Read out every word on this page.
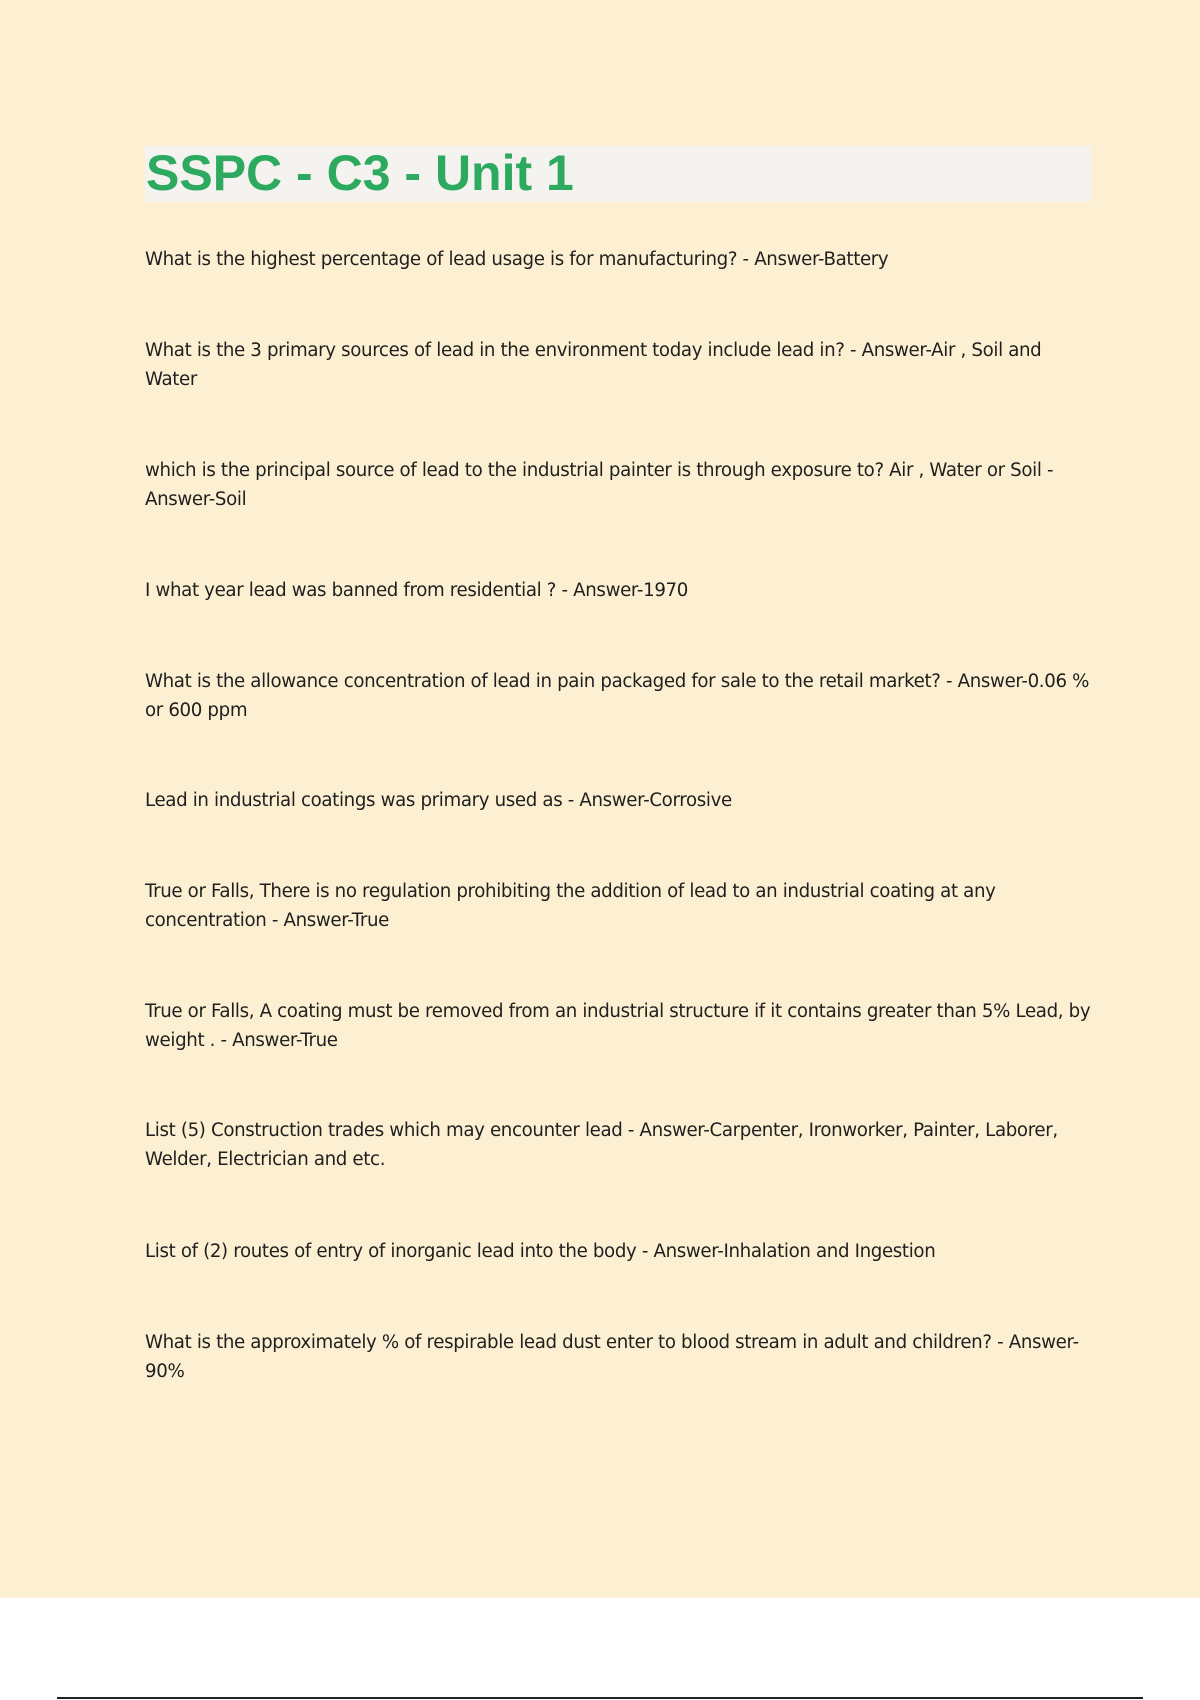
SSPC - C3 - Unit 1

What is the highest percentage of lead usage is for manufacturing? - Answer-Battery

What is the 3 primary sources of lead in the environment today include lead in? - Answer-Air , Soil and Water

which is the principal source of lead to the industrial painter is through exposure to? Air , Water or Soil - Answer-Soil

I what year lead was banned from residential ? - Answer-1970

What is the allowance concentration of lead in pain packaged for sale to the retail market? - Answer-0.06 % or 600 ppm

Lead in industrial coatings was primary used as - Answer-Corrosive

True or Falls, There is no regulation prohibiting the addition of lead to an industrial coating at any concentration - Answer-True

True or Falls, A coating must be removed from an industrial structure if it contains greater than 5% Lead, by weight . - Answer-True

List (5) Construction trades which may encounter lead - Answer-Carpenter, Ironworker, Painter, Laborer, Welder, Electrician and etc.

List of (2) routes of entry of inorganic lead into the body - Answer-Inhalation and Ingestion

What is the approximately % of respirable lead dust enter to blood stream in adult and children? - Answer-90%
